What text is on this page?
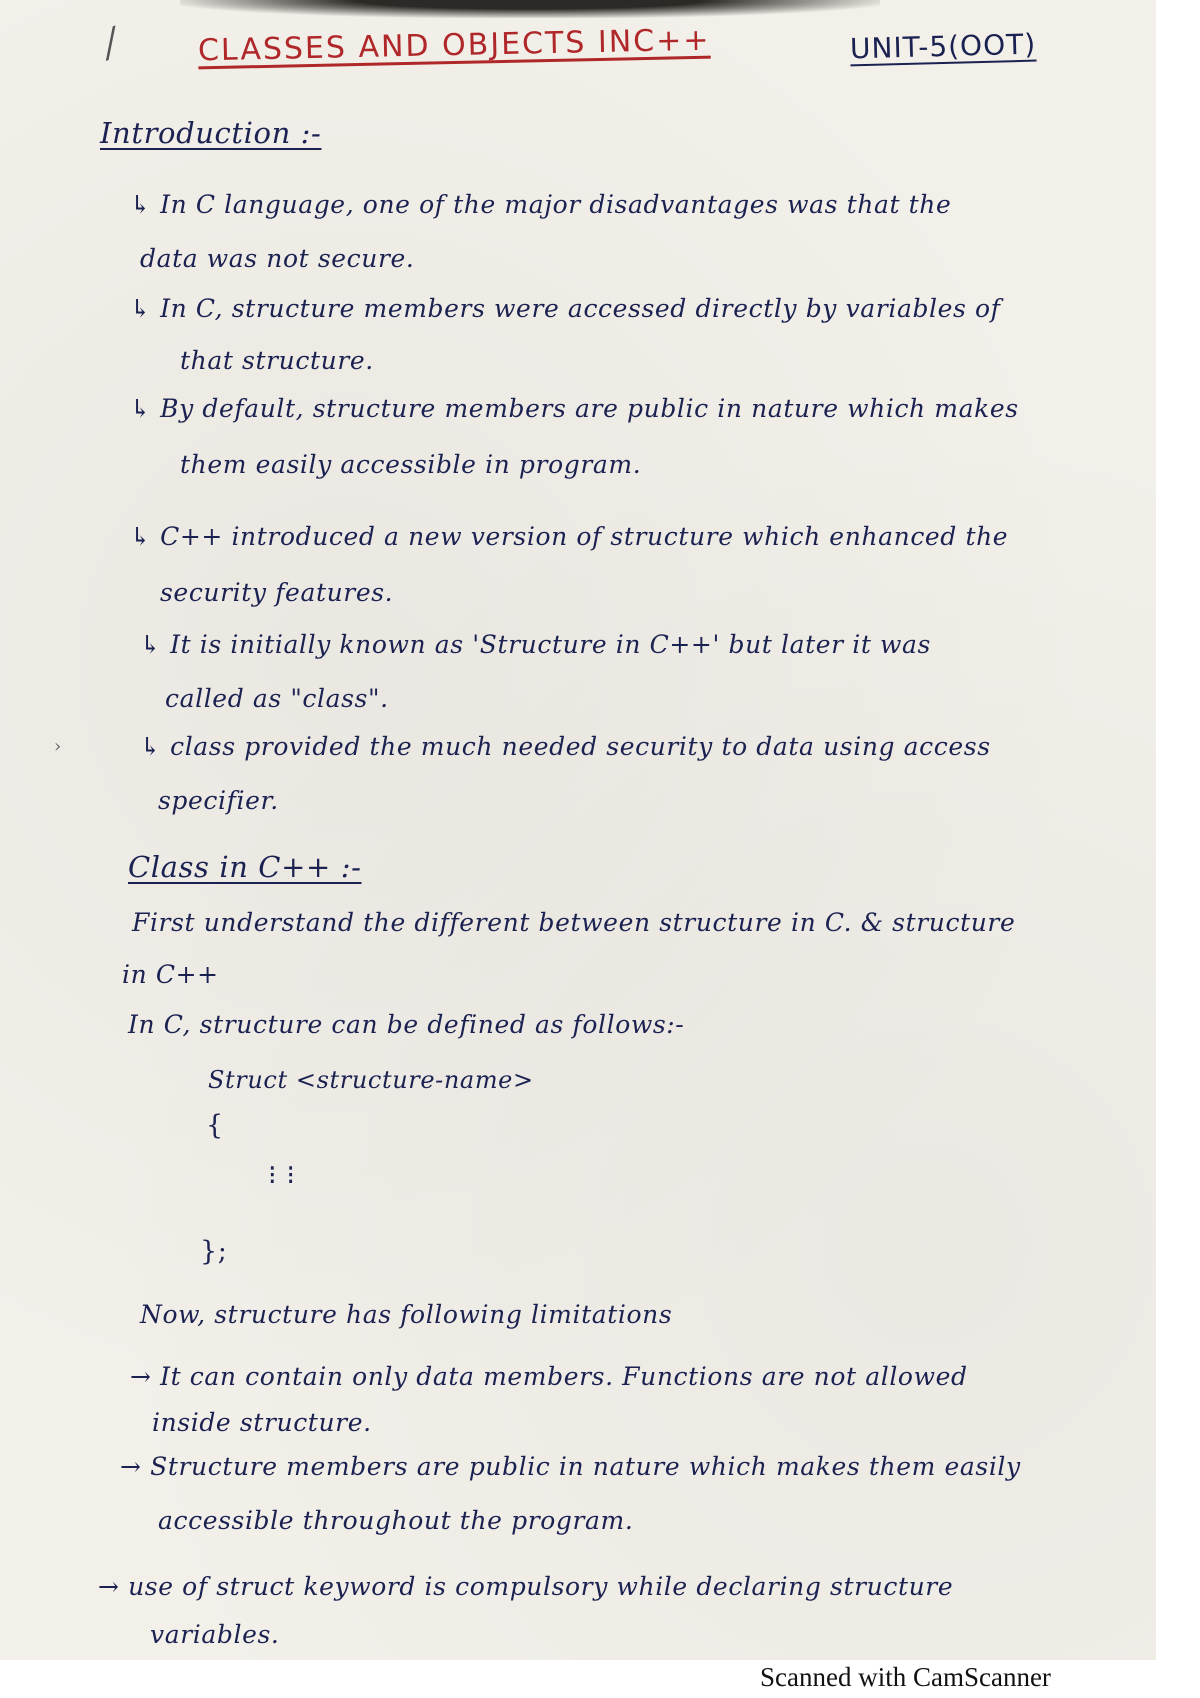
⁄
›

CLASSES AND OBJECTS INC++	UNIT-5(OOT)

Introduction :-

↳ In C language, one of the major disadvantages was that the

data was not secure.

↳ In C, structure members were accessed directly by variables of

that structure.

↳ By default, structure members are public in nature which makes

them easily accessible in program.

↳ C++ introduced a new version of structure which enhanced the

security features.

↳ It is initially known as 'Structure in C++' but later it was

called as "class".

↳ class provided the much needed security to data using access

specifier.

Class in C++ :-

First understand the different between structure in C. & structure

in C++

In C, structure can be defined as follows:-

Struct <structure-name>

{

⁝ ⁝

};

Now, structure has following limitations

→ It can contain only data members. Functions are not allowed

inside structure.

→ Structure members are public in nature which makes them easily

accessible throughout the program.

→ use of struct keyword is compulsory while declaring structure

variables.

Scanned with CamScanner
